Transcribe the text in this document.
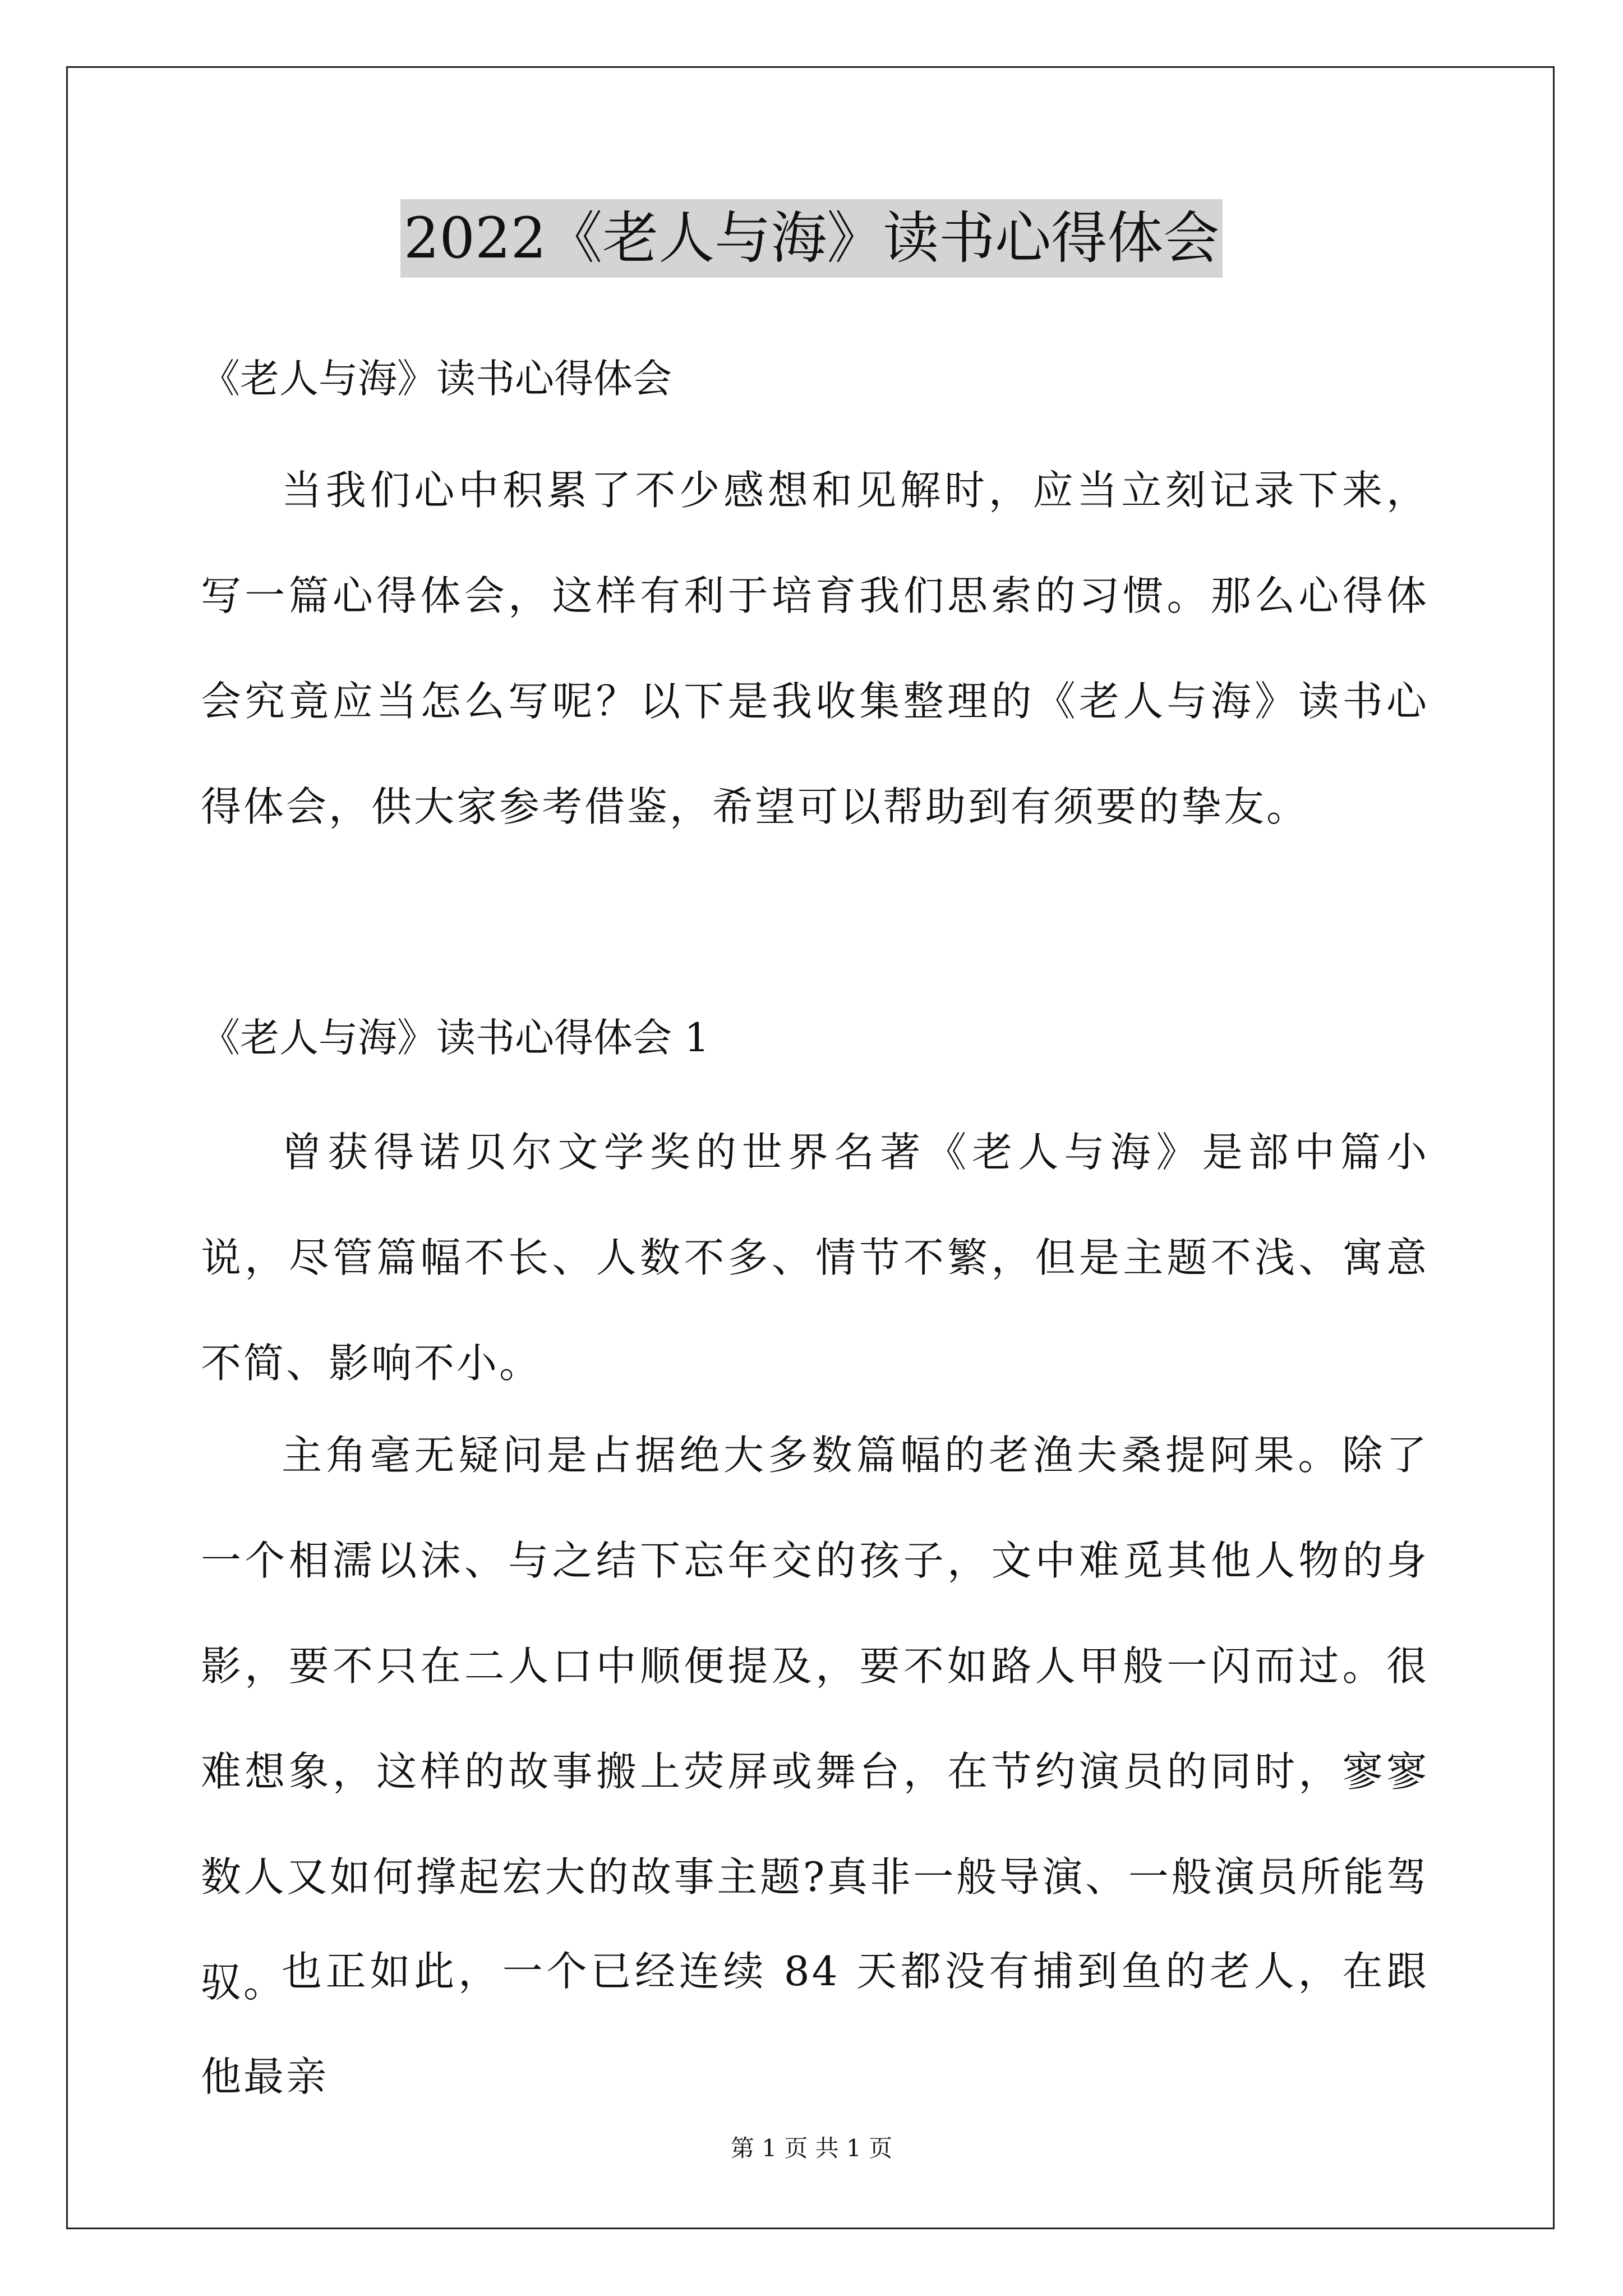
2022《老人与海》读书心得体会
《老人与海》读书心得体会
当我们心中积累了不少感想和见解时，应当立刻记录下来，写一篇心得体会，这样有利于培育我们思索的习惯。那么心得体会究竟应当怎么写呢？以下是我收集整理的《老人与海》读书心得体会，供大家参考借鉴，希望可以帮助到有须要的挚友。
《老人与海》读书心得体会 1
曾获得诺贝尔文学奖的世界名著《老人与海》是部中篇小说，尽管篇幅不长、人数不多、情节不繁，但是主题不浅、寓意不简、影响不小。
主角毫无疑问是占据绝大多数篇幅的老渔夫桑提阿果。除了一个相濡以沫、与之结下忘年交的孩子，文中难觅其他人物的身影，要不只在二人口中顺便提及，要不如路人甲般一闪而过。很难想象，这样的故事搬上荧屏或舞台，在节约演员的同时，寥寥数人又如何撑起宏大的故事主题?真非一般导演、一般演员所能驾驭。
也正如此，一个已经连续 84 天都没有捕到鱼的老人，在跟他最亲
第 1 页 共 1 页
